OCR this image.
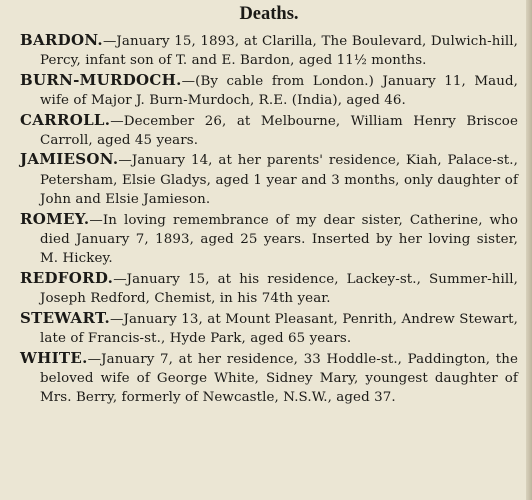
Deaths.

BARDON.—January 15, 1893, at Clarilla, The Boulevard, Dulwich-hill, Percy, infant son of T. and E. Bardon, aged 11½ months.

BURN-MURDOCH.—(By cable from London.) January 11, Maud, wife of Major J. Burn-Murdoch, R.E. (India), aged 46.

CARROLL.—December 26, at Melbourne, William Henry Briscoe Carroll, aged 45 years.

JAMIESON.—January 14, at her parents' residence, Kiah, Palace-st., Petersham, Elsie Gladys, aged 1 year and 3 months, only daughter of John and Elsie Jamieson.

ROMEY.—In loving remembrance of my dear sister, Catherine, who died January 7, 1893, aged 25 years. Inserted by her loving sister, M. Hickey.

REDFORD.—January 15, at his residence, Lackey-st., Summer-hill, Joseph Redford, Chemist, in his 74th year.

STEWART.—January 13, at Mount Pleasant, Penrith, Andrew Stewart, late of Francis-st., Hyde Park, aged 65 years.

WHITE.—January 7, at her residence, 33 Hoddle-st., Paddington, the beloved wife of George White, Sidney Mary, youngest daughter of Mrs. Berry, formerly of Newcastle, N.S.W., aged 37.
